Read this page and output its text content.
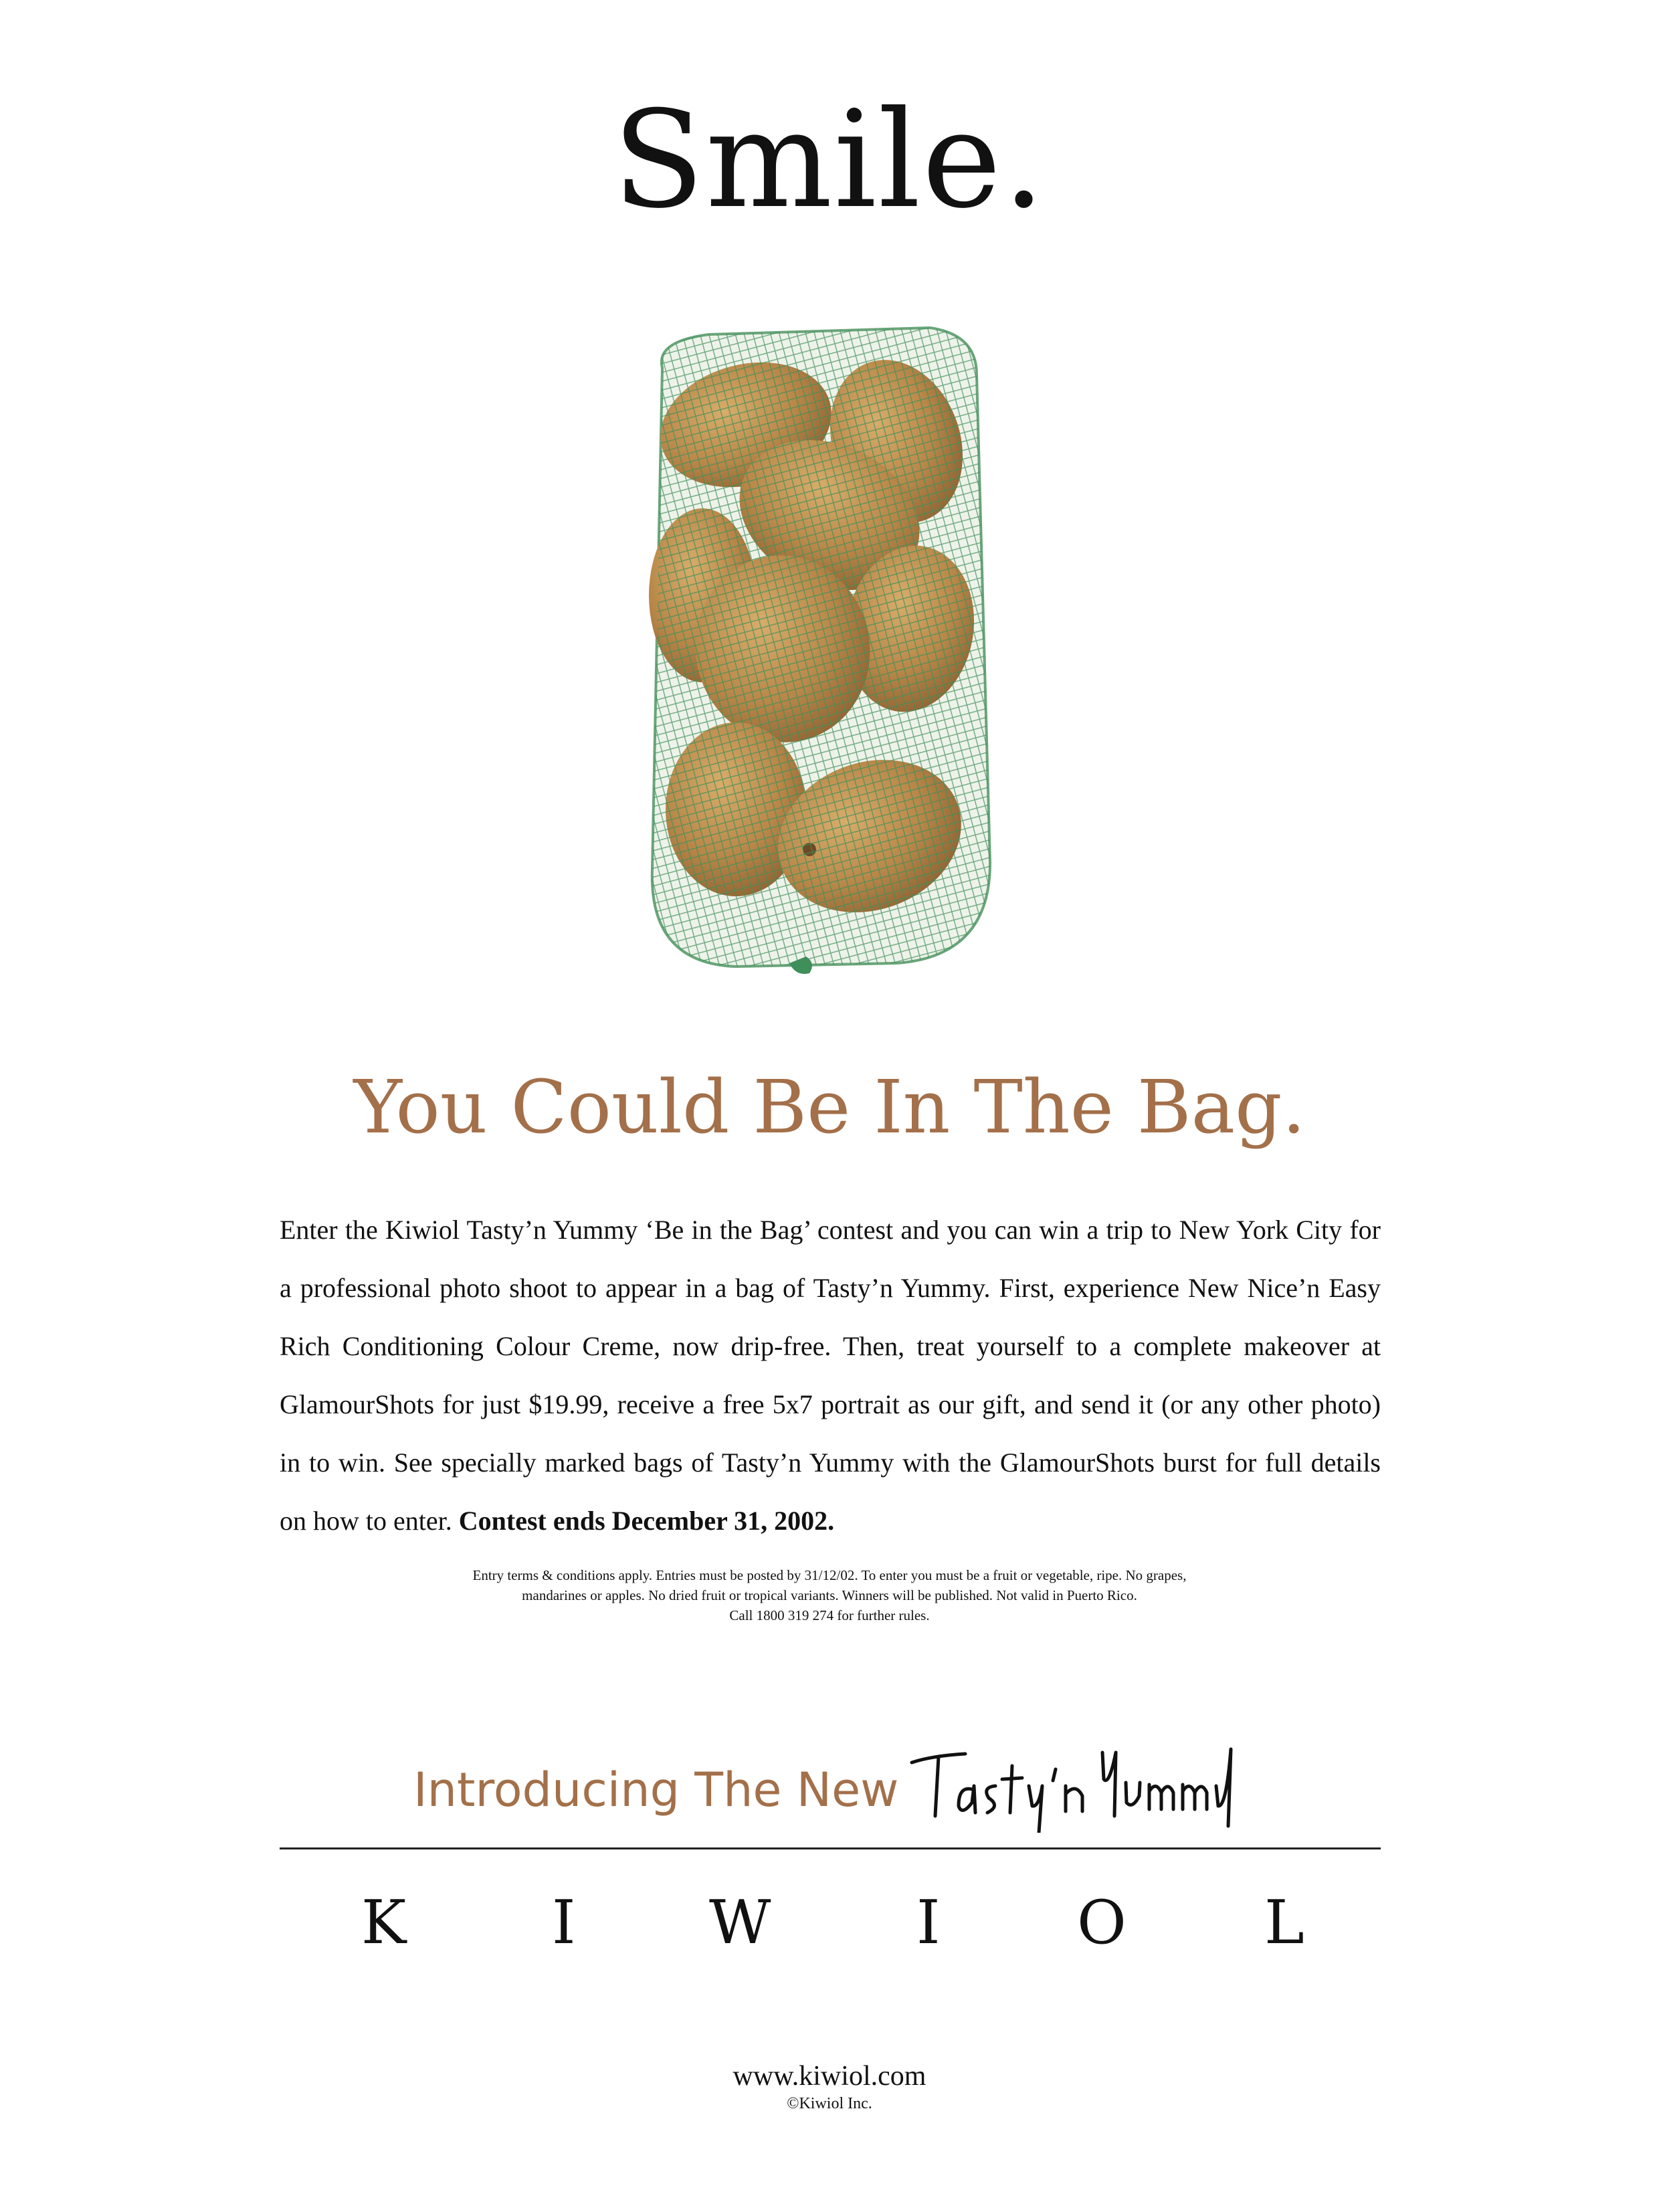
Smile.
You Could Be In The Bag.
Enter the Kiwiol Tasty’n Yummy ‘Be in the Bag’ contest and you can win a trip to New York City for a professional photo shoot to appear in a bag of Tasty’n Yummy. First, experience New Nice’n Easy Rich Conditioning Colour Creme, now drip-free. Then, treat yourself to a complete makeover at GlamourShots for just $19.99, receive a free 5x7 portrait as our gift, and send it (or any other photo) in to win. See specially marked bags of Tasty’n Yummy with the GlamourShots burst for full details on how to enter. Contest ends December 31, 2002.
Entry terms & conditions apply. Entries must be posted by 31/12/02. To enter you must be a fruit or vegetable, ripe. No grapes,
mandarines or apples. No dried fruit or tropical variants. Winners will be published. Not valid in Puerto Rico.
Call 1800 319 274 for further rules.
Introducing The New
K I W I O L
www.kiwiol.com
©Kiwiol Inc.
